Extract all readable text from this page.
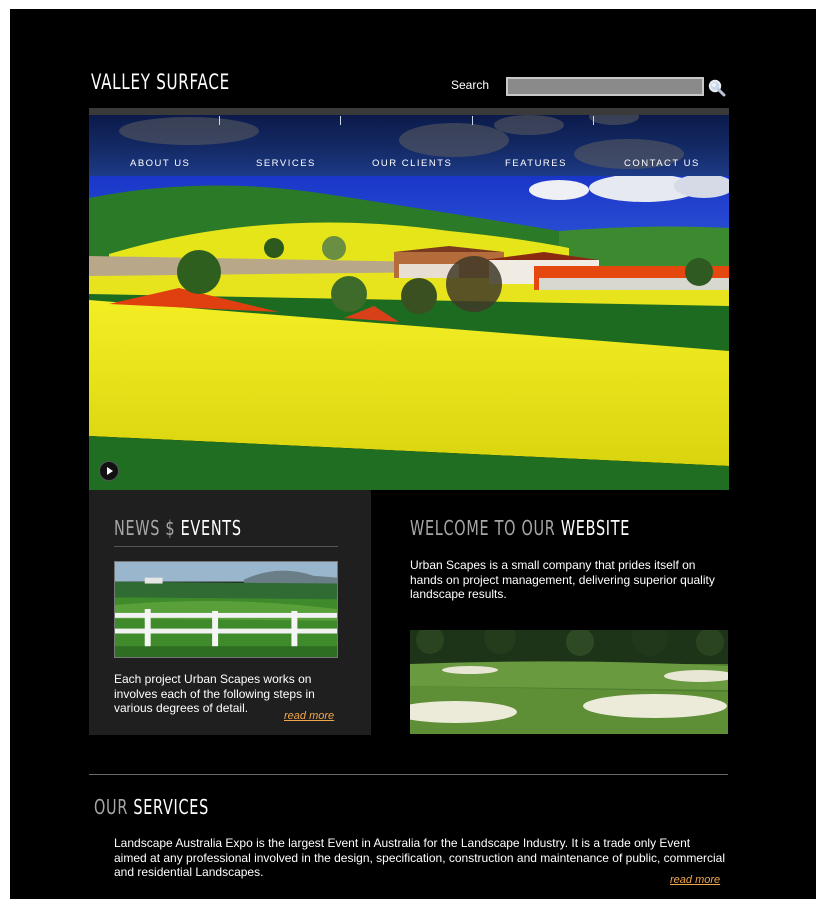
VALLEY SURFACE	Search
ABOUT US	SERVICES	OUR CLIENTS	FEATURES	CONTACT US
NEWS $ EVENTS
Each project Urban Scapes works on involves each of the following steps in various degrees of detail.
read more
WELCOME TO OUR WEBSITE
Urban Scapes is a small company that prides itself on hands on project management, delivering superior quality landscape results.
OUR SERVICES
Landscape Australia Expo is the largest Event in Australia for the Landscape Industry. It is a trade only Event aimed at any professional involved in the design, specification, construction and maintenance of public, commercial and residential Landscapes.
read more
